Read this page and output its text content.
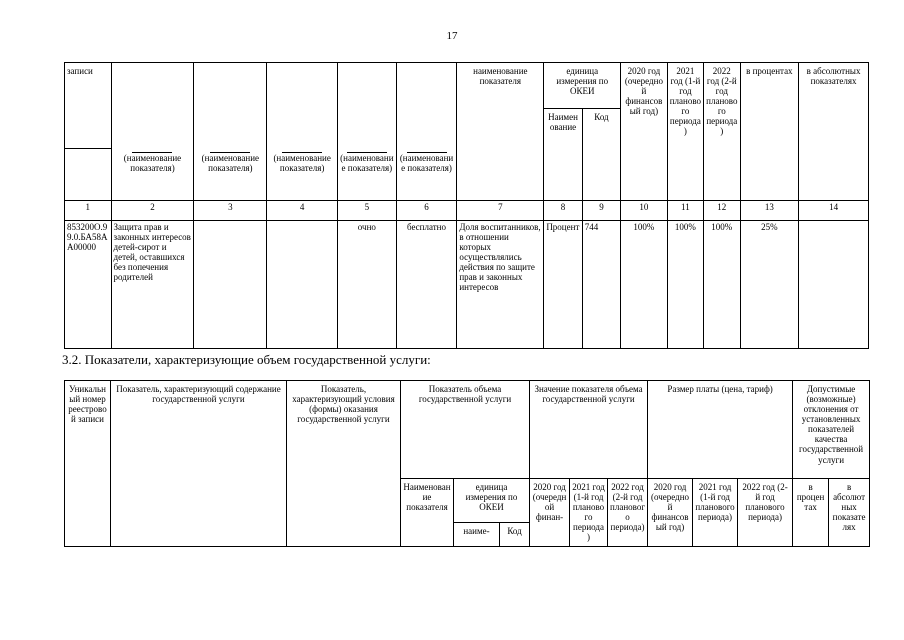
17
записи						наименование показателя	единица измерения по ОКЕИ		2020 год (очередной финансовый год)	2021 год (1-й год планового периода)	2022 год (2-й год планового периода)	в процентах	в абсолютных показателях
							Наименование	Код					

	(наименование показателя)	(наименование показателя)	(наименование показателя)	(наименование показателя)	(наименование показателя)								

1	2	3	4	5	6	7	8	9	10	11	12	13	14
853200О.99.0.БА58АА00000	Защита прав и законных интересов детей-сирот и детей, оставшихся без попечения родителей			очно	бесплатно	Доля воспитанников, в отношении которых осуществлялись действия по защите прав и законных интересов	Процент	744	100%	100%	100%	25%	
3.2. Показатели, характеризующие объем государственной услуги:
Уникальный номер реестровой записи	Показатель, характеризующий содержание государственной услуги	Показатель, характеризующий условия (формы) оказания государственной услуги	Показатель объема государственной услуги			Значение показателя объема государственной услуги			Размер платы (цена, тариф)			Допустимые (возможные) отклонения от установленных показателей качества государственной услуги	
			Наименование показателя	единица измерения по ОКЕИ		2020 год (очередной финан-	2021 год (1-й год планового периода)	2022 год (2-й год планового периода)	2020 год (очередной финансовый год)	2021 год (1-й год планового периода)	2022 год (2-й год планового периода)	в процентах	в абсолютных показателях
				наиме-	Код								
